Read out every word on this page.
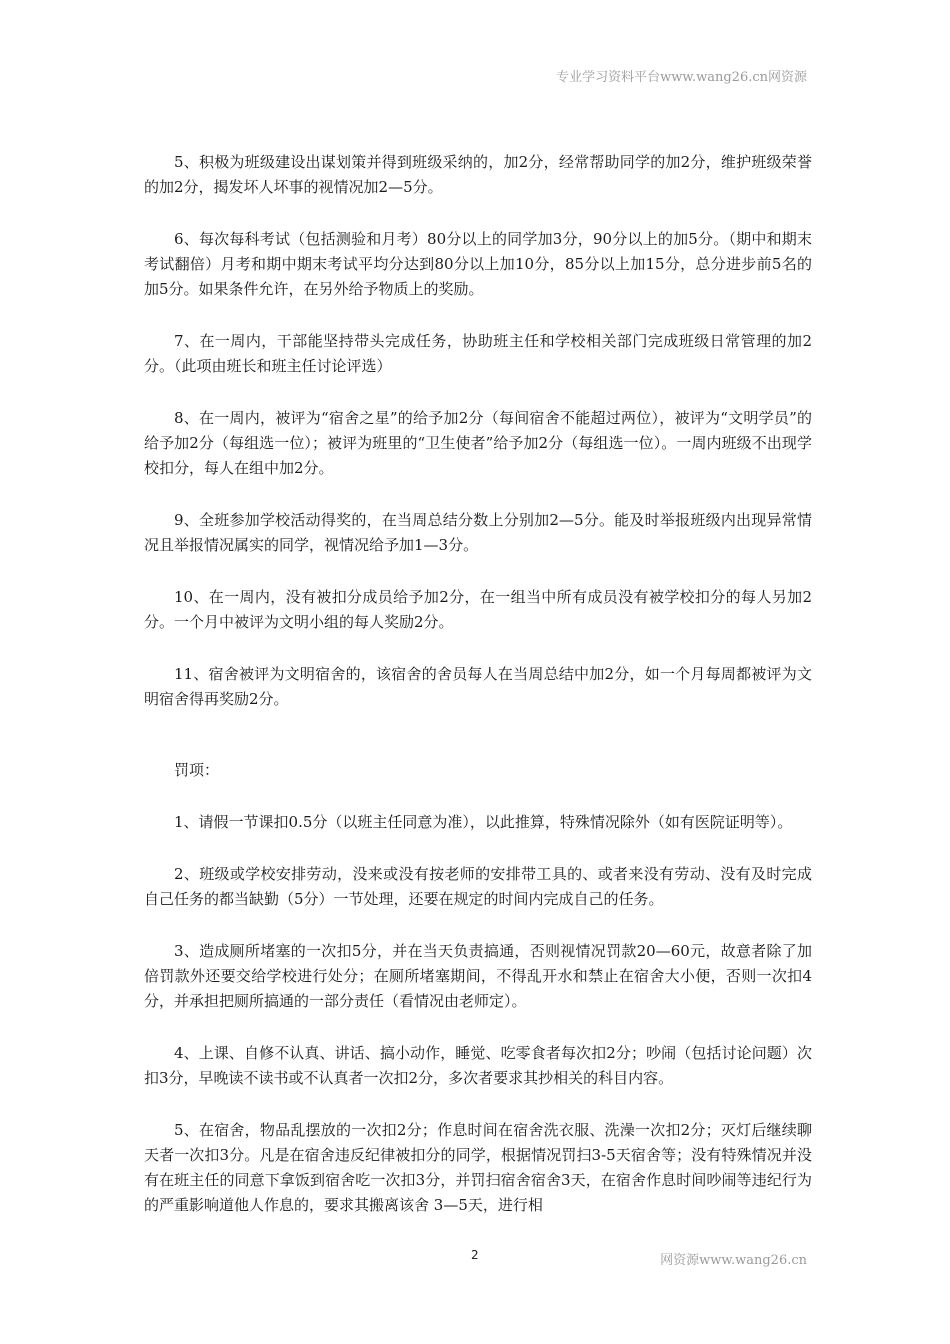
专业学习资料平台www.wang26.cn网资源

5、积极为班级建设出谋划策并得到班级采纳的，加2分，经常帮助同学的加2分，维护班级荣誉的加2分，揭发坏人坏事的视情况加2—5分。

6、每次每科考试（包括测验和月考）80分以上的同学加3分，90分以上的加5分。（期中和期末考试翻倍）月考和期中期末考试平均分达到80分以上加10分，85分以上加15分，总分进步前5名的加5分。如果条件允许，在另外给予物质上的奖励。

7、在一周内，干部能坚持带头完成任务，协助班主任和学校相关部门完成班级日常管理的加2分。（此项由班长和班主任讨论评选）

8、在一周内，被评为“宿舍之星”的给予加2分（每间宿舍不能超过两位），被评为“文明学员”的给予加2分（每组选一位）；被评为班里的“卫生使者”给予加2分（每组选一位）。一周内班级不出现学校扣分，每人在组中加2分。

9、全班参加学校活动得奖的，在当周总结分数上分别加2—5分。能及时举报班级内出现异常情况且举报情况属实的同学，视情况给予加1—3分。

10、在一周内，没有被扣分成员给予加2分，在一组当中所有成员没有被学校扣分的每人另加2分。一个月中被评为文明小组的每人奖励2分。

11、宿舍被评为文明宿舍的，该宿舍的舍员每人在当周总结中加2分，如一个月每周都被评为文明宿舍得再奖励2分。

罚项：

1、请假一节课扣0.5分（以班主任同意为准），以此推算，特殊情况除外（如有医院证明等）。

2、班级或学校安排劳动，没来或没有按老师的安排带工具的、或者来没有劳动、没有及时完成自己任务的都当缺勤（5分）一节处理，还要在规定的时间内完成自己的任务。

3、造成厕所堵塞的一次扣5分，并在当天负责搞通，否则视情况罚款20—60元，故意者除了加倍罚款外还要交给学校进行处分；在厕所堵塞期间，不得乱开水和禁止在宿舍大小便，否则一次扣4分，并承担把厕所搞通的一部分责任（看情况由老师定）。

4、上课、自修不认真、讲话、搞小动作，睡觉、吃零食者每次扣2分；吵闹（包括讨论问题）次扣3分，早晚读不读书或不认真者一次扣2分，多次者要求其抄相关的科目内容。

5、在宿舍，物品乱摆放的一次扣2分；作息时间在宿舍洗衣服、洗澡一次扣2分；灭灯后继续聊天者一次扣3分。凡是在宿舍违反纪律被扣分的同学，根据情况罚扫3-5天宿舍等；没有特殊情况并没有在班主任的同意下拿饭到宿舍吃一次扣3分，并罚扫宿舍宿舍3天，在宿舍作息时间吵闹等违纪行为的严重影响道他人作息的，要求其搬离该舍 3—5天，进行相

2	网资源www.wang26.cn
